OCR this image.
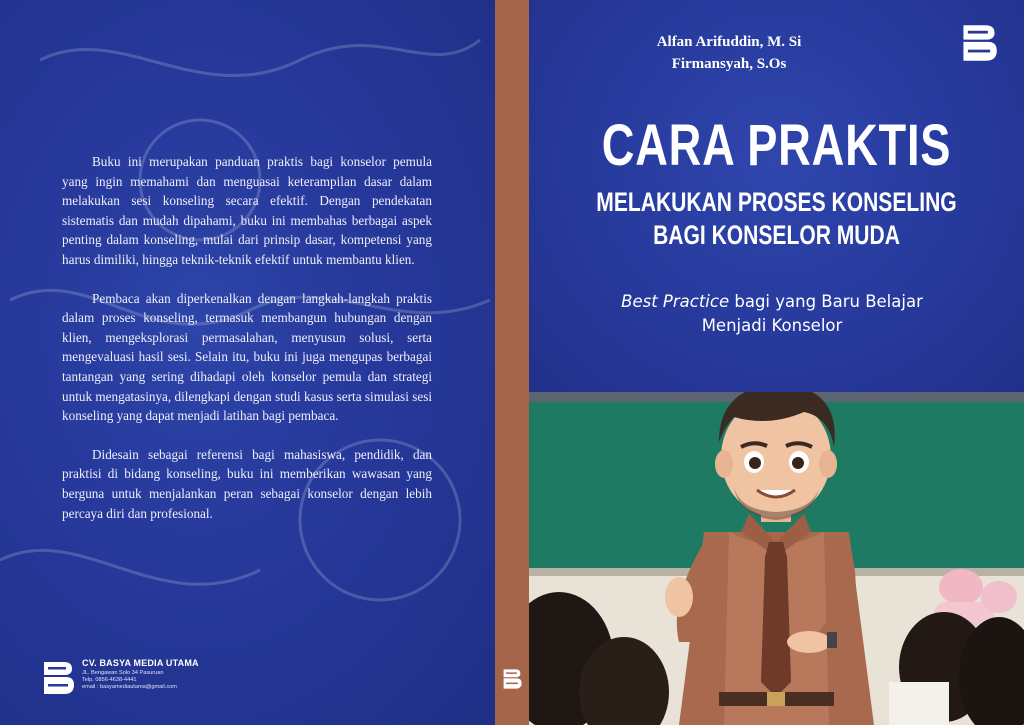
Buku ini merupakan panduan praktis bagi konselor pemula yang ingin memahami dan menguasai keterampilan dasar dalam melakukan sesi konseling secara efektif. Dengan pendekatan sistematis dan mudah dipahami, buku ini membahas berbagai aspek penting dalam konseling, mulai dari prinsip dasar, kompetensi yang harus dimiliki, hingga teknik-teknik efektif untuk membantu klien.

Pembaca akan diperkenalkan dengan langkah-langkah praktis dalam proses konseling, termasuk membangun hubungan dengan klien, mengeksplorasi permasalahan, menyusun solusi, serta mengevaluasi hasil sesi. Selain itu, buku ini juga mengupas berbagai tantangan yang sering dihadapi oleh konselor pemula dan strategi untuk mengatasinya, dilengkapi dengan studi kasus serta simulasi sesi konseling yang dapat menjadi latihan bagi pembaca.

Didesain sebagai referensi bagi mahasiswa, pendidik, dan praktisi di bidang konseling, buku ini memberikan wawasan yang berguna untuk menjalankan peran sebagai konselor dengan lebih percaya diri dan profesional.

CV. BASYA MEDIA UTAMA
JL. Bengawan Solo 34 Pasuruan
Telp. 0856-4638-4441
email : basyamediautama@gmail.com
Alfan Arifuddin, M. Si
Firmansyah, S.Os
CARA PRAKTIS
MELAKUKAN PROSES KONSELING
BAGI KONSELOR MUDA
Best Practice bagi yang Baru Belajar
Menjadi Konselor
